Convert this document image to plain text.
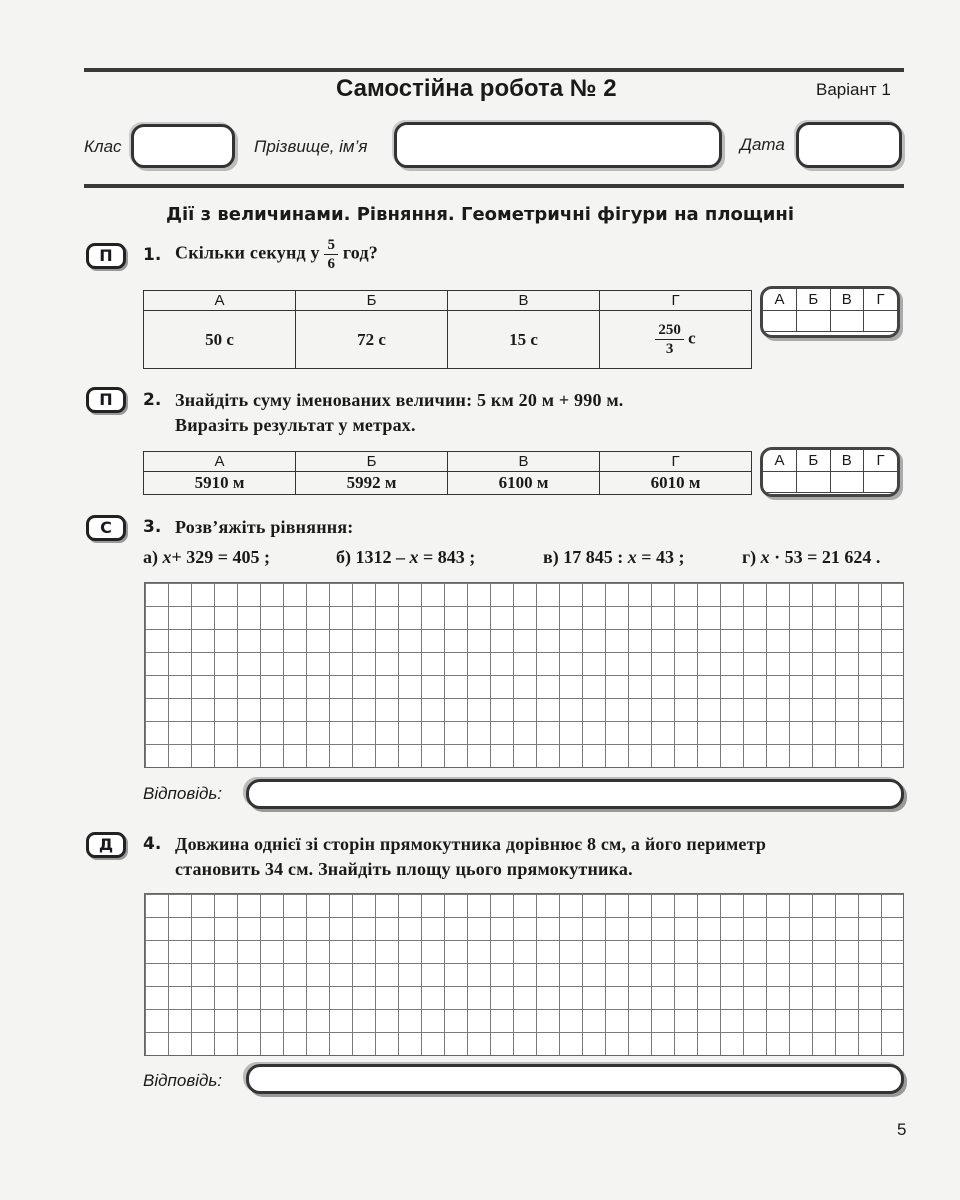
Самостійна робота № 2	Варіант 1
Клас	Прізвище, ім’я	Дата
Дії з величинами. Рівняння. Геометричні фігури на площині
П	1. Скільки секунд у $\frac{5}{6}$ год?
А	Б	В	Г
50 с	72 с	15 с	$\frac{250}{3}$ с
А	Б	В	Г

П	2. Знайдіть суму іменованих величин: 5 км 20 м + 990 м.
Виразіть результат у метрах.
А	Б	В	Г
5910 м	5992 м	6100 м	6010 м
А	Б	В	Г

С	3. Розв’яжіть рівняння:
а) x+ 329 = 405 ;	б) 1312 – x = 843 ;	в) 17 845 : x = 43 ;	г) x · 53 = 21 624 .
Відповідь:
Д	4. Довжина однієї зі сторін прямокутника дорівнює 8 см, а його периметр
становить 34 см. Знайдіть площу цього прямокутника.
Відповідь:
5
